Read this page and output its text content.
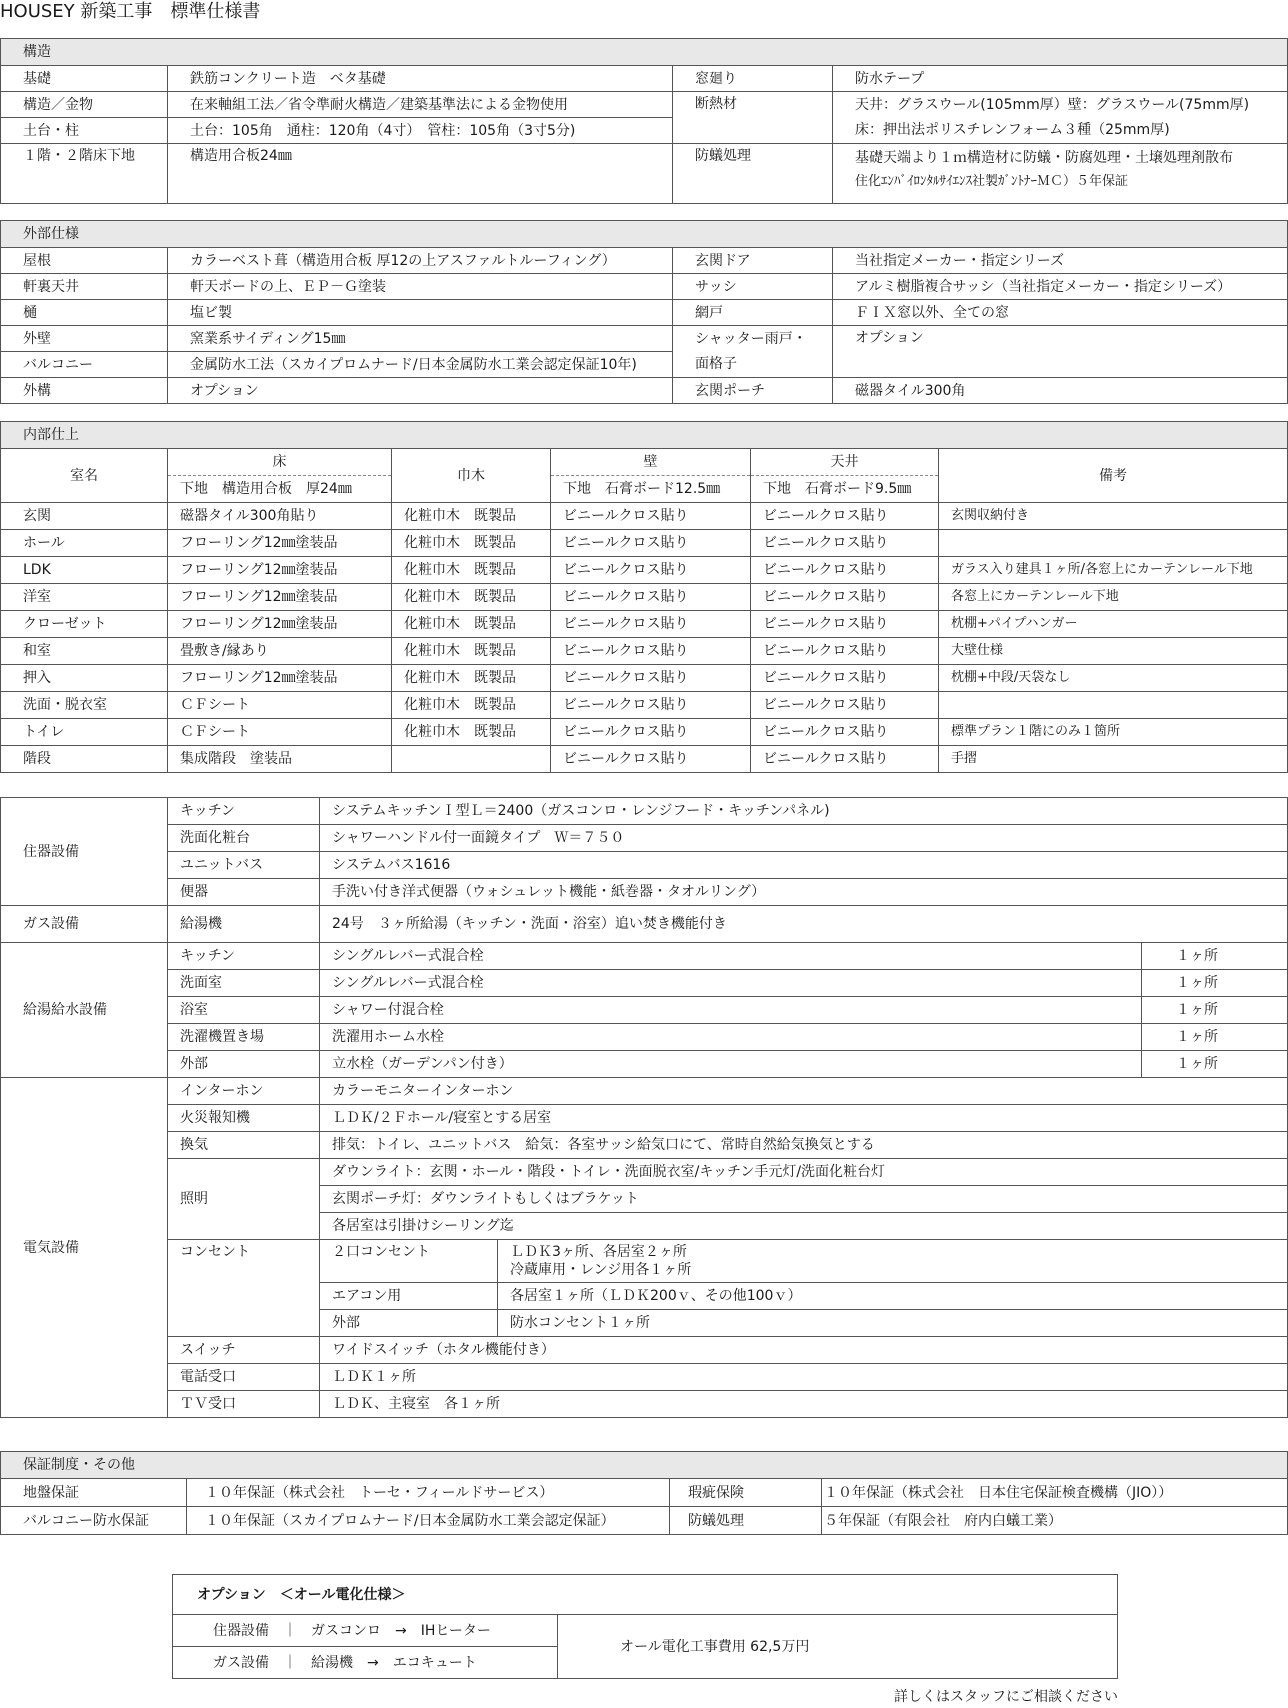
HOUSEY 新築工事　標準仕様書
構造			
基礎	鉄筋コンクリート造　ベタ基礎	窓廻り	防水テープ
構造／金物	在来軸組工法／省令準耐火構造／建築基準法による金物使用	断熱材	天井：グラスウール(105mm厚）壁：グラスウール(75mm厚)
土台・柱	土台：105角　通柱：120角（4寸）　管柱：105角（3寸5分)		床：押出法ポリスチレンフォーム３種（25mm厚)
１階・２階床下地	構造用合板24㎜	防蟻処理	基礎天端より１ｍ構造材に防蟻・防腐処理・土壌処理剤散布
住化ｴﾝﾊﾞｲﾛﾝﾀﾙｻｲｴﾝｽ社製ｶﾞﾝﾄﾅｰＭＣ）５年保証
外部仕様			
屋根	カラーベスト葺（構造用合板 厚12の上アスファルトルーフィング）	玄関ドア	当社指定メーカー・指定シリーズ
軒裏天井	軒天ボードの上、ＥＰ－Ｇ塗装	サッシ	アルミ樹脂複合サッシ（当社指定メーカー・指定シリーズ）
樋	塩ビ製	網戸	ＦＩＸ窓以外、全ての窓
外壁	窯業系サイディング15㎜	シャッター雨戸・	オプション
バルコニー	金属防水工法（スカイプロムナード/日本金属防水工業会認定保証10年)	面格子	
外構	オプション	玄関ポーチ	磁器タイル300角
内部仕上					
室名	床	巾木	壁	天井	備考
	下地　構造用合板　厚24㎜		下地　石膏ボード12.5㎜	下地　石膏ボード9.5㎜	
玄関	磁器タイル300角貼り	化粧巾木　既製品	ビニールクロス貼り	ビニールクロス貼り	玄関収納付き
ホール	フローリング12㎜塗装品	化粧巾木　既製品	ビニールクロス貼り	ビニールクロス貼り	
LDK	フローリング12㎜塗装品	化粧巾木　既製品	ビニールクロス貼り	ビニールクロス貼り	ガラス入り建具１ヶ所/各窓上にカーテンレール下地
洋室	フローリング12㎜塗装品	化粧巾木　既製品	ビニールクロス貼り	ビニールクロス貼り	各窓上にカーテンレール下地
クローゼット	フローリング12㎜塗装品	化粧巾木　既製品	ビニールクロス貼り	ビニールクロス貼り	枕棚+パイプハンガー
和室	畳敷き/縁あり	化粧巾木　既製品	ビニールクロス貼り	ビニールクロス貼り	大壁仕様
押入	フローリング12㎜塗装品	化粧巾木　既製品	ビニールクロス貼り	ビニールクロス貼り	枕棚+中段/天袋なし
洗面・脱衣室	ＣＦシート	化粧巾木　既製品	ビニールクロス貼り	ビニールクロス貼り	
トイレ	ＣＦシート	化粧巾木　既製品	ビニールクロス貼り	ビニールクロス貼り	標準プラン１階にのみ１箇所
階段	集成階段　塗装品		ビニールクロス貼り	ビニールクロス貼り	手摺
住器設備	キッチン	システムキッチンＩ型Ｌ＝2400（ガスコンロ・レンジフード・キッチンパネル)		
	洗面化粧台	シャワーハンドル付一面鏡タイプ　Ｗ＝７５０		
	ユニットバス	システムバス1616		
	便器	手洗い付き洋式便器（ウォシュレット機能・紙巻器・タオルリング）		
ガス設備	給湯機	24号　３ヶ所給湯（キッチン・洗面・浴室）追い焚き機能付き		
給湯給水設備	キッチン	シングルレバー式混合栓		１ヶ所
	洗面室	シングルレバー式混合栓		１ヶ所
	浴室	シャワー付混合栓		１ヶ所
	洗濯機置き場	洗濯用ホーム水栓		１ヶ所
	外部	立水栓（ガーデンパン付き）		１ヶ所
電気設備	インターホン	カラーモニターインターホン		
	火災報知機	ＬＤＫ/２Ｆホール/寝室とする居室		
	換気	排気：トイレ、ユニットバス　給気：各室サッシ給気口にて、常時自然給気換気とする		
	照明	ダウンライト：玄関・ホール・階段・トイレ・洗面脱衣室/キッチン手元灯/洗面化粧台灯		
		玄関ポーチ灯：ダウンライトもしくはブラケット		
		各居室は引掛けシーリング迄		
	コンセント	２口コンセント	ＬＤＫ3ヶ所、各居室２ヶ所
冷蔵庫用・レンジ用各１ヶ所	

		エアコン用	各居室１ヶ所（ＬＤＫ200ｖ、その他100ｖ）	
		外部	防水コンセント１ヶ所	
	スイッチ	ワイドスイッチ（ホタル機能付き）		
	電話受口	ＬＤＫ１ヶ所		
	ＴＶ受口	ＬＤＫ、主寝室　各１ヶ所		
保証制度・その他			
地盤保証	１０年保証（株式会社　トーセ・フィールドサービス）	瑕疵保険	１０年保証（株式会社　日本住宅保証検査機構（JIO））
バルコニー防水保証	１０年保証（スカイプロムナード/日本金属防水工業会認定保証）	防蟻処理	５年保証（有限会社　府内白蟻工業）
オプション　＜オール電化仕様＞
住器設備　｜　ガスコンロ　→　IHヒーター	オール電化工事費用 62,5万円
ガス設備　｜　給湯機　→　エコキュート
詳しくはスタッフにご相談ください
